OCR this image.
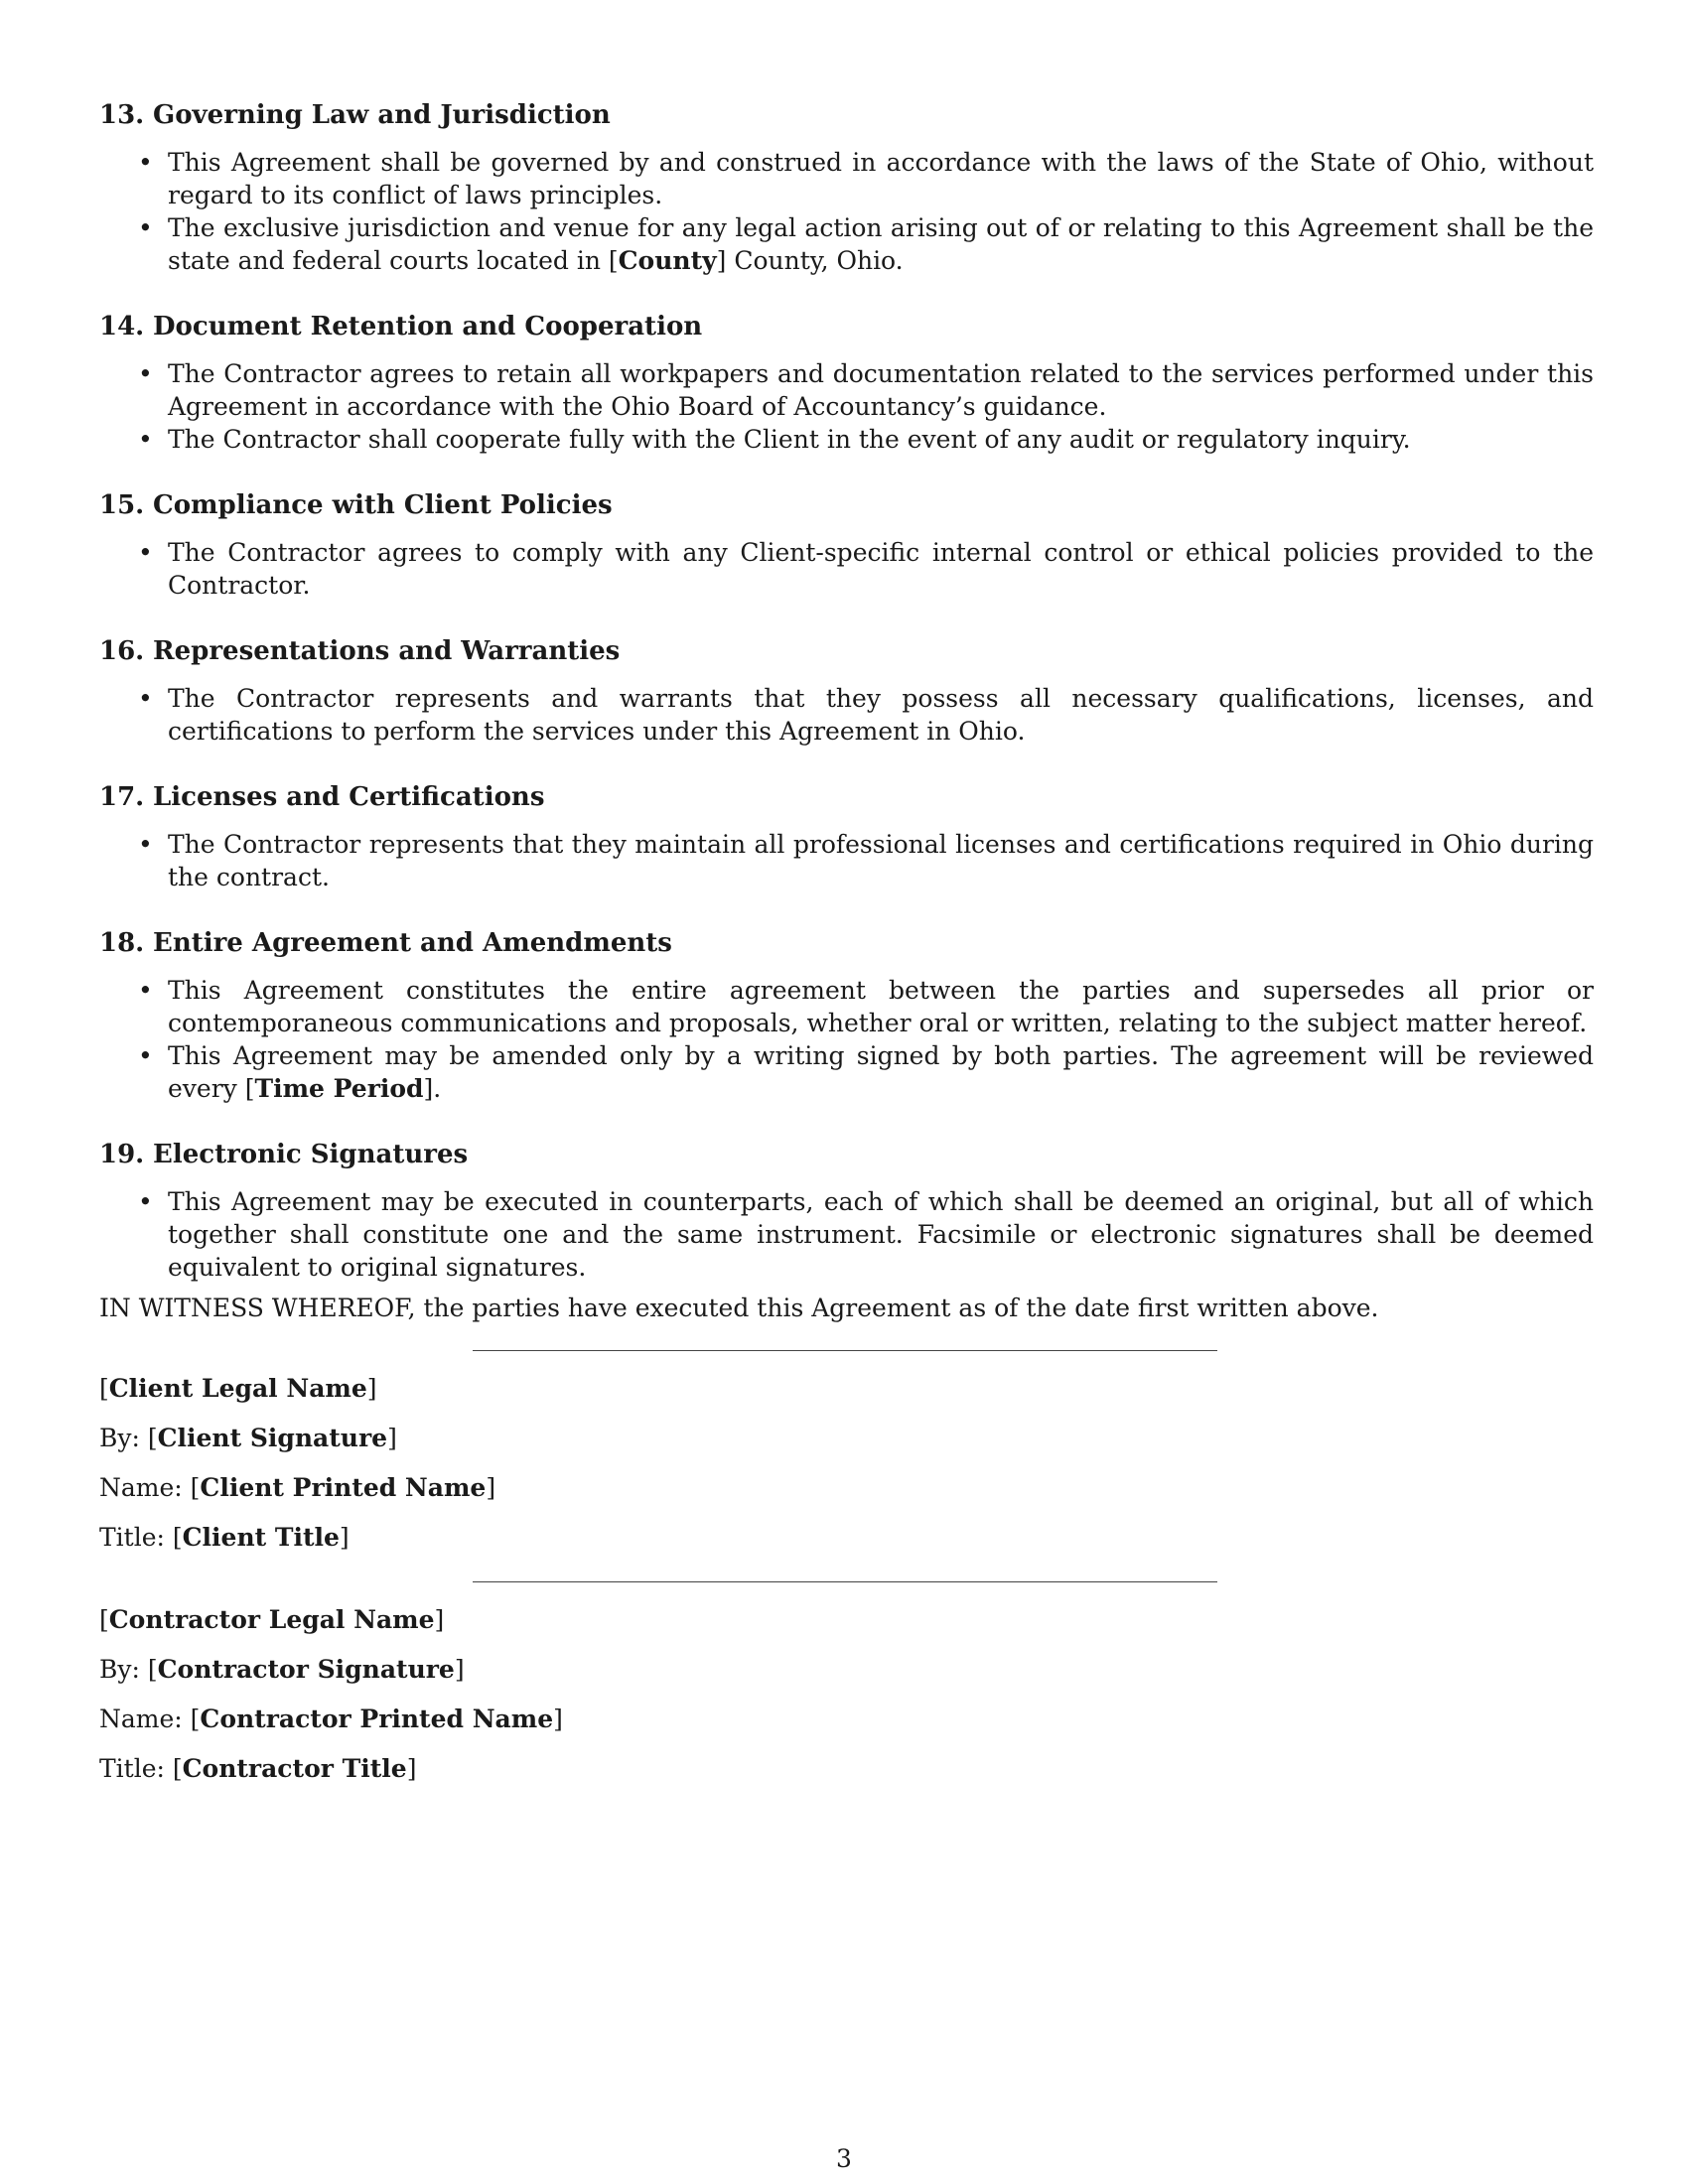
13. Governing Law and Jurisdiction
• This Agreement shall be governed by and construed in accordance with the laws of the State of Ohio, without regard to its conflict of laws principles.
• The exclusive jurisdiction and venue for any legal action arising out of or relating to this Agreement shall be the state and federal courts located in [County] County, Ohio.
14. Document Retention and Cooperation
• The Contractor agrees to retain all workpapers and documentation related to the services performed under this Agreement in accordance with the Ohio Board of Accountancy’s guidance.
• The Contractor shall cooperate fully with the Client in the event of any audit or regulatory inquiry.
15. Compliance with Client Policies
• The Contractor agrees to comply with any Client-specific internal control or ethical policies provided to the Contractor.
16. Representations and Warranties
• The Contractor represents and warrants that they possess all necessary qualifications, licenses, and certifications to perform the services under this Agreement in Ohio.
17. Licenses and Certifications
• The Contractor represents that they maintain all professional licenses and certifications required in Ohio during the contract.
18. Entire Agreement and Amendments
• This Agreement constitutes the entire agreement between the parties and supersedes all prior or contemporaneous communications and proposals, whether oral or written, relating to the subject matter hereof.
• This Agreement may be amended only by a writing signed by both parties. The agreement will be reviewed every [Time Period].
19. Electronic Signatures
• This Agreement may be executed in counterparts, each of which shall be deemed an original, but all of which together shall constitute one and the same instrument. Facsimile or electronic signatures shall be deemed equivalent to original signatures.
IN WITNESS WHEREOF, the parties have executed this Agreement as of the date first written above.
[Client Legal Name]
By: [Client Signature]
Name: [Client Printed Name]
Title: [Client Title]
[Contractor Legal Name]
By: [Contractor Signature]
Name: [Contractor Printed Name]
Title: [Contractor Title]
3
